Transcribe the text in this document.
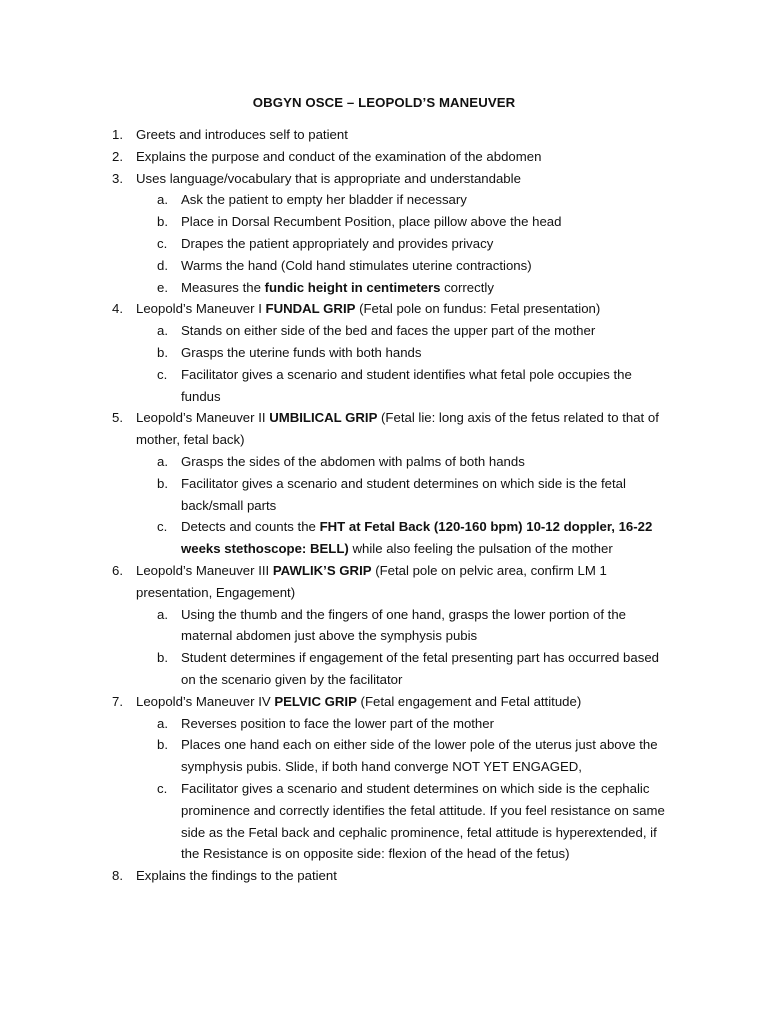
OBGYN OSCE – LEOPOLD’S MANEUVER
1. Greets and introduces self to patient
2. Explains the purpose and conduct of the examination of the abdomen
3. Uses language/vocabulary that is appropriate and understandable
a. Ask the patient to empty her bladder if necessary
b. Place in Dorsal Recumbent Position, place pillow above the head
c.	Drapes the patient appropriately and provides privacy
d. Warms the hand (Cold hand stimulates uterine contractions)
e. Measures the fundic height in centimeters correctly
4. Leopold’s Maneuver I FUNDAL GRIP (Fetal pole on fundus: Fetal presentation)
a. Stands on either side of the bed and faces the upper part of the mother
b. Grasps the uterine funds with both hands
c.	Facilitator gives a scenario and student identifies what fetal pole occupies the fundus
5. Leopold’s Maneuver II UMBILICAL GRIP (Fetal lie: long axis of the fetus related to that of mother, fetal back)
a. Grasps the sides of the abdomen with palms of both hands
b. Facilitator gives a scenario and student determines on which side is the fetal back/small parts
c.	Detects and counts the FHT at Fetal Back (120-160 bpm) 10-12 doppler, 16-22 weeks stethoscope: BELL) while also feeling the pulsation of the mother
6. Leopold’s Maneuver III PAWLIK’S GRIP (Fetal pole on pelvic area, confirm LM 1 presentation, Engagement)
a. Using the thumb and the fingers of one hand, grasps the lower portion of the maternal abdomen just above the symphysis pubis
b. Student determines if engagement of the fetal presenting part has occurred based on the scenario given by the facilitator
7. Leopold’s Maneuver IV PELVIC GRIP (Fetal engagement and Fetal attitude)
a. Reverses position to face the lower part of the mother
b. Places one hand each on either side of the lower pole of the uterus just above the symphysis pubis. Slide, if both hand converge NOT YET ENGAGED,
c.	Facilitator gives a scenario and student determines on which side is the cephalic prominence and correctly identifies the fetal attitude. If you feel resistance on same side as the Fetal back and cephalic prominence, fetal attitude is hyperextended, if the Resistance is on opposite side: flexion of the head of the fetus)
8. Explains the findings to the patient
